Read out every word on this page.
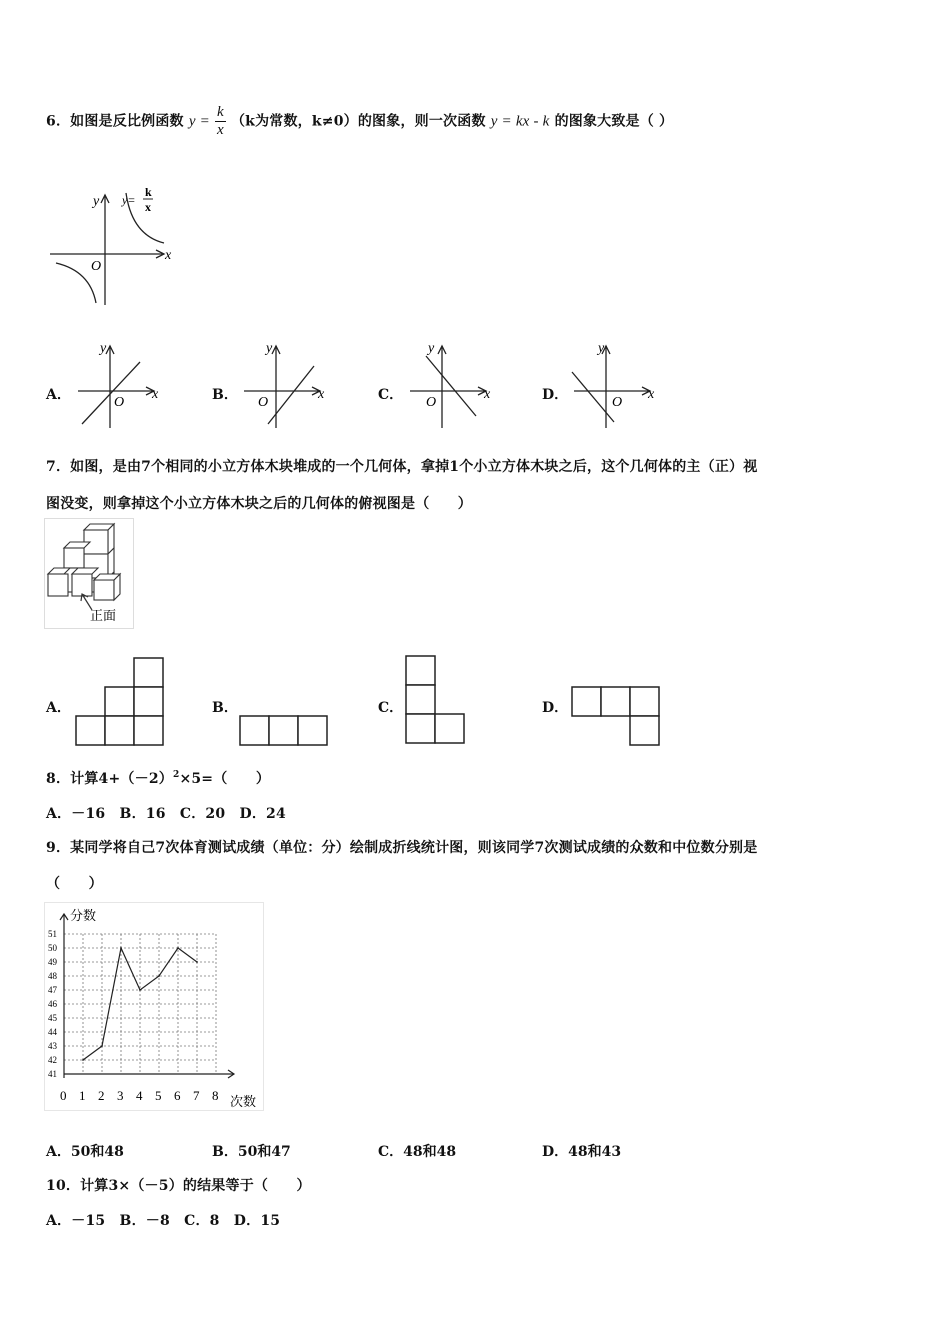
6．如图是反比例函数 $y = \frac{k}{x} (k$为常数，k≠0）的图象，则一次函数 y = kx - k 的图象大致是（ ）
x
y
O
y=
k
x
A．	x
y
O	B．	x
y
O	C．	x
y
O	D．	x
y
O
7．如图，是由7个相同的小立方体木块堆成的一个几何体，拿掉1个小立方体木块之后，这个几何体的主（正）视
图没变，则拿掉这个小立方体木块之后的几何体的俯视图是（　　）
正面
A．	B．	C．	D．
8．计算$4+(-2)^2\times 5=$（　　）
A．－16　B．16　C．20　D．24
9．某同学将自己7次体育测试成绩（单位：分）绘制成折线统计图，则该同学7次测试成绩的众数和中位数分别是
（　　）
0 1 2 3 4 5 6 7 8
41
42
43
44
45
46
47
48
49
50
51
分数
次数
A．50和48	B．50和47	C．48和48	D．48和43
10．计算3×（－5）的结果等于（　　）
A．－15　B．－8　C．8　D．15
